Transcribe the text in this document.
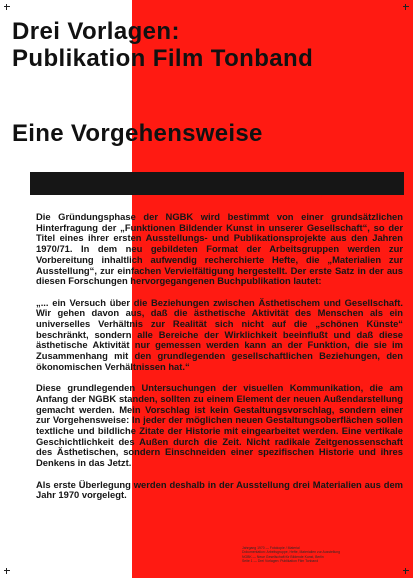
Drei Vorlagen:
Publikation Film Tonband
Eine Vorgehensweise

Die Gründungsphase der NGBK wird bestimmt von einer grundsätzlichen Hinterfragung der „Funktionen Bildender Kunst in unserer Gesellschaft“, so der Titel eines ihrer ersten Ausstellungs- und Publikationsprojekte aus den Jahren 1970/71. In dem neu gebildeten Format der Arbeitsgruppen werden zur Vorbereitung inhaltlich aufwendig recherchierte Hefte, die „Materialien zur Ausstellung“, zur einfachen Vervielfältigung hergestellt. Der erste Satz in der aus diesen Forschungen hervorgegangenen Buchpublikation lautet:

„... ein Versuch über die Beziehungen zwischen Ästhetischem und Gesellschaft. Wir gehen davon aus, daß die ästhetische Aktivität des Menschen als ein universelles Verhältnis zur Realität sich nicht auf die „schönen Künste“ beschränkt, sondern alle Bereiche der Wirklichkeit beeinflußt und daß diese ästhetische Aktivität nur gemessen werden kann an der Funktion, die sie im Zusammenhang mit den grundlegenden gesellschaftlichen Beziehungen, den ökonomischen Verhältnissen hat.“

Diese grundlegenden Untersuchungen der visuellen Kommunikation, die am Anfang der NGBK standen, sollten zu einem Element der neuen Außendarstellung gemacht werden. Mein Vorschlag ist kein Gestaltungsvorschlag, sondern einer zur Vorgehensweise: In jeder der möglichen neuen Gestaltungsoberflächen sollen textliche und bildliche Zitate der Historie mit eingearbeitet werden. Eine vertikale Geschichtlichkeit des Außen durch die Zeit. Nicht radikale Zeitgenossenschaft des Ästhetischen, sondern Einschneiden einer spezifischen Historie und ihres Denkens in das Jetzt.

Als erste Überlegung werden deshalb in der Ausstellung drei Materialien aus dem Jahr 1970 vorgelegt.

Jahrgang 1970 — Fotokopie / Material
Dokumentation: Arbeitsgruppe, Hefte, Materialien zur Ausstellung
NGBK — Neue Gesellschaft für Bildende Kunst, Berlin
Seite 1 — Drei Vorlagen: Publikation Film Tonband
